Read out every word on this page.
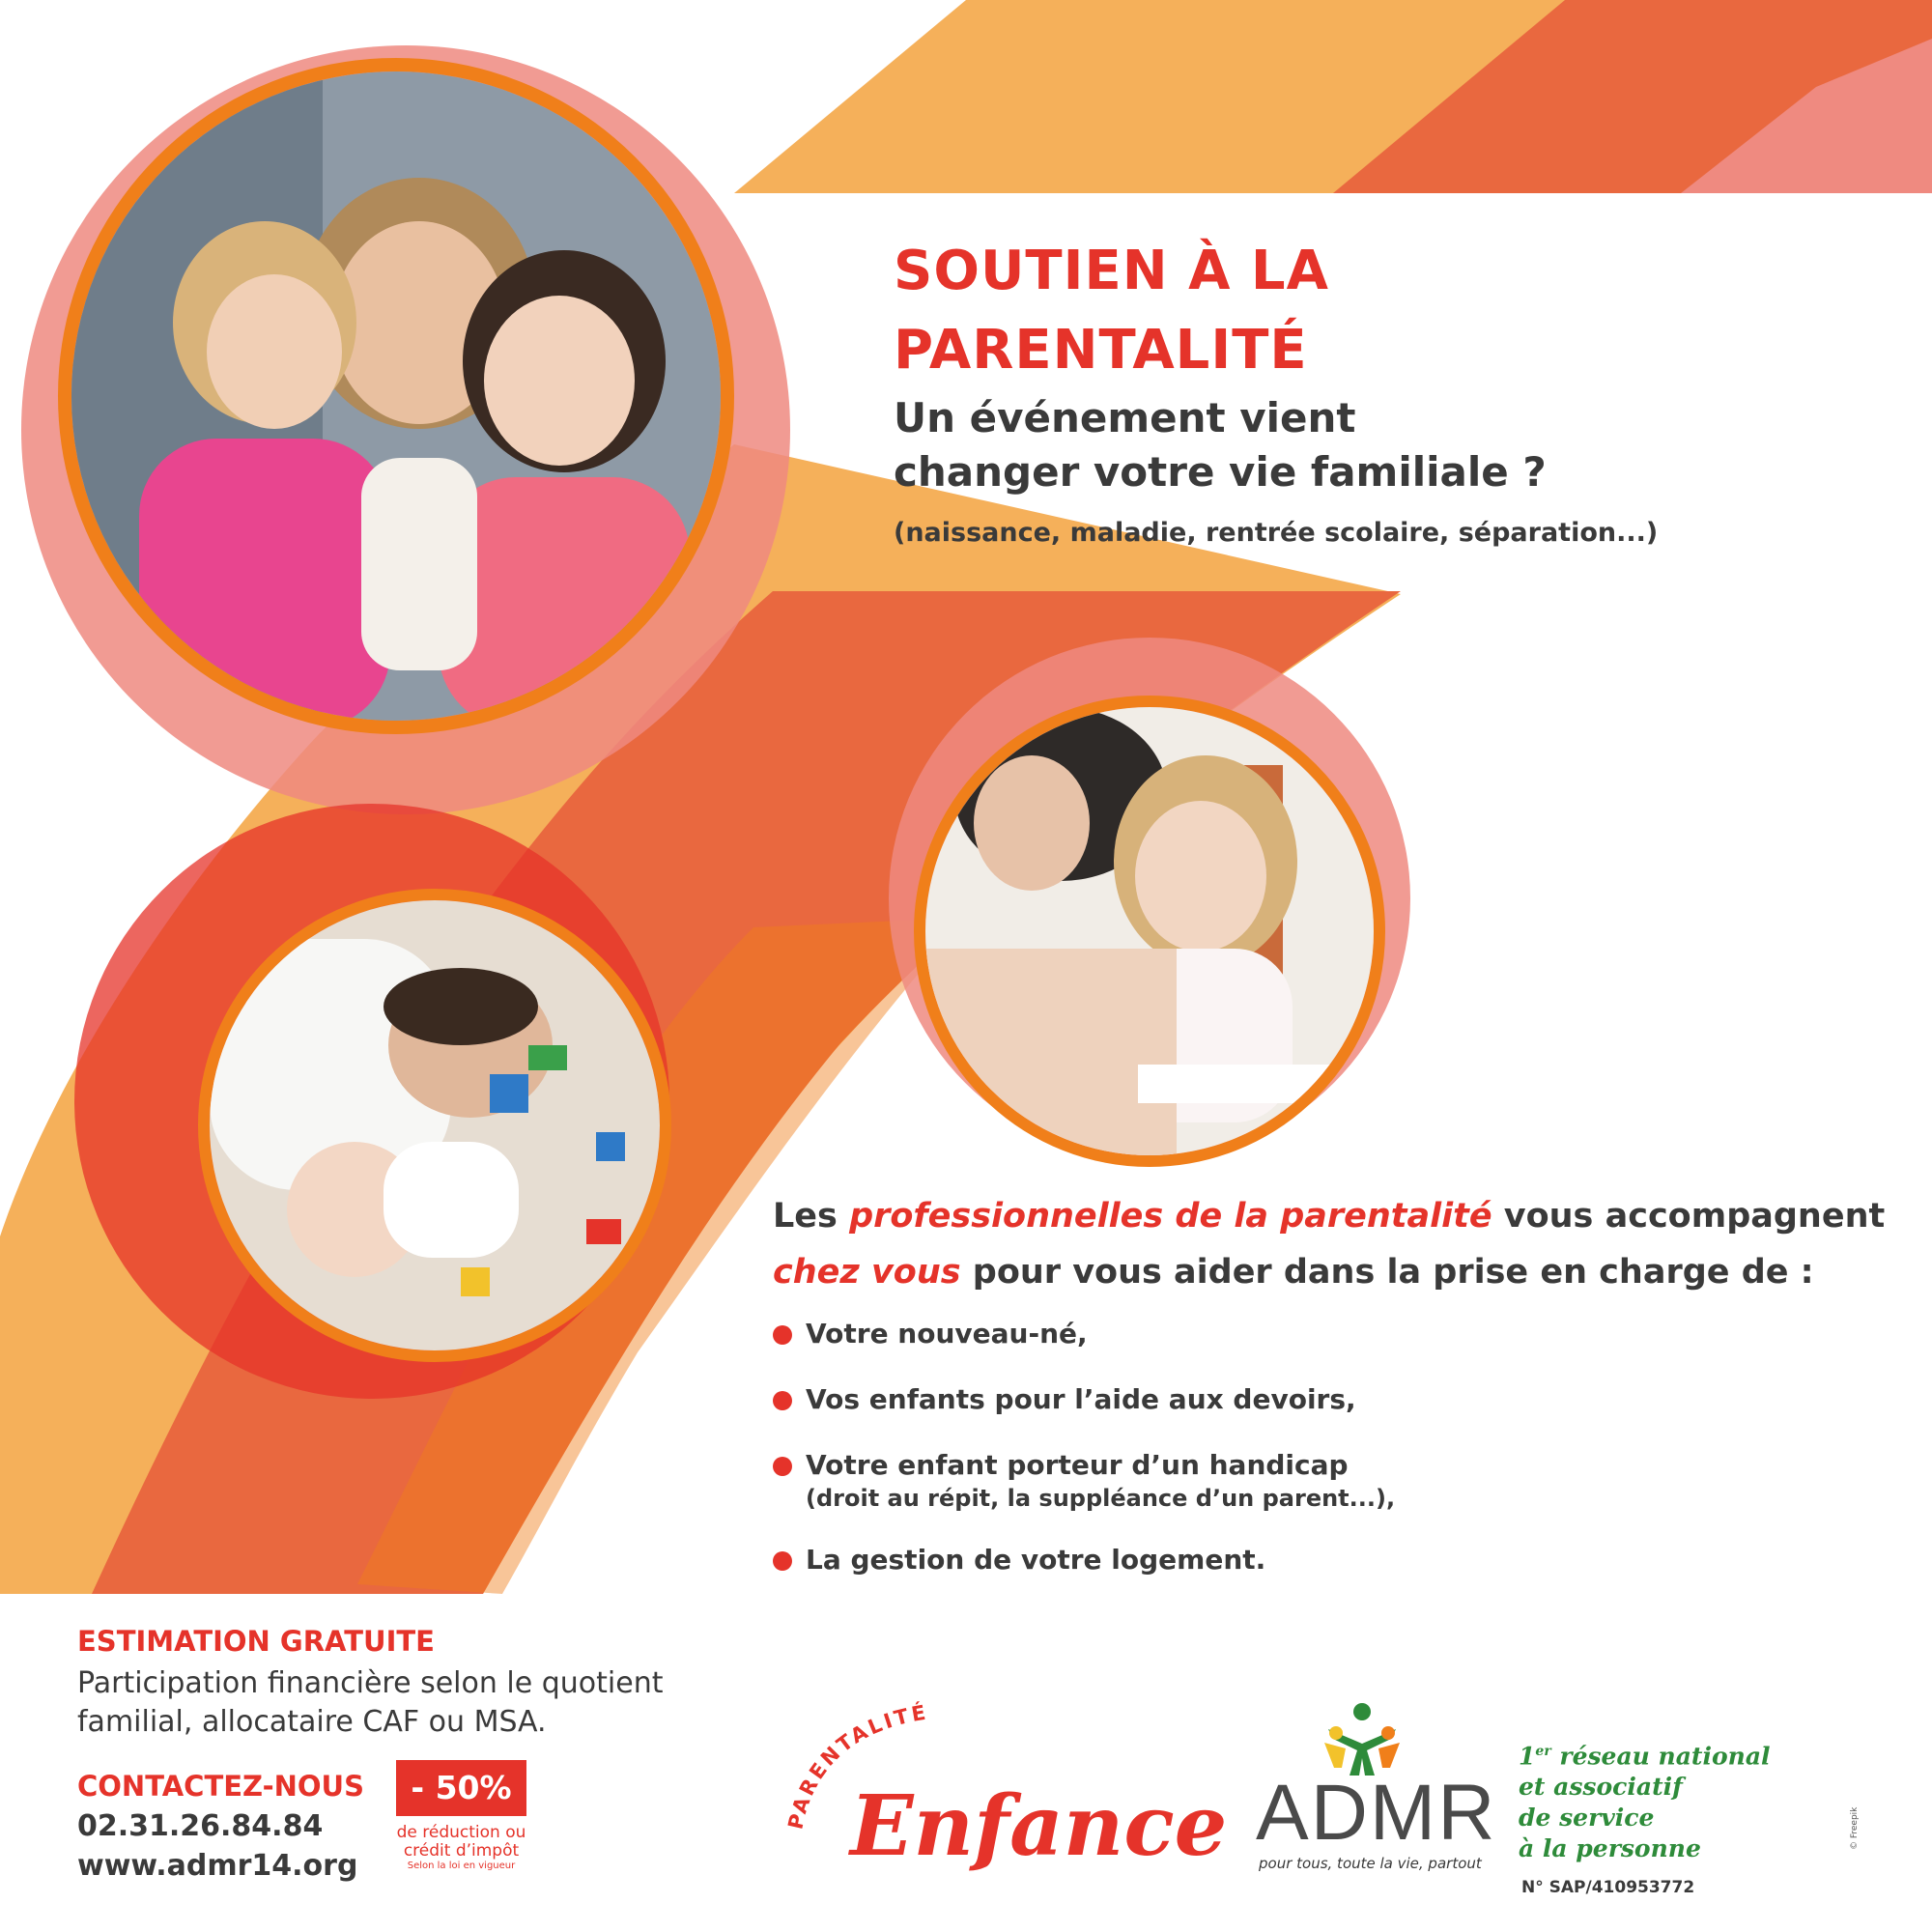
SOUTIEN À LA
PARENTALITÉ
Un événement vient
changer votre vie familiale ?
(naissance, maladie, rentrée scolaire, séparation...)
Les professionnelles de la parentalité vous accompagnent
chez vous pour vous aider dans la prise en charge de :
Votre nouveau-né,
Vos enfants pour l’aide aux devoirs,
Votre enfant porteur d’un handicap
(droit au répit, la suppléance d’un parent...),
La gestion de votre logement.
ESTIMATION GRATUITE
Participation financière selon le quotient familial, allocataire CAF ou MSA.
CONTACTEZ-NOUS
02.31.26.84.84
www.admr14.org
- 50%
de réduction ou crédit d’impôt
Selon la loi en vigueur
PARENTALITÉ
Enfance ADMR
pour tous, toute la vie, partout
1er réseau national
et associatif
de service
à la personne
N° SAP/410953772
© Freepik
